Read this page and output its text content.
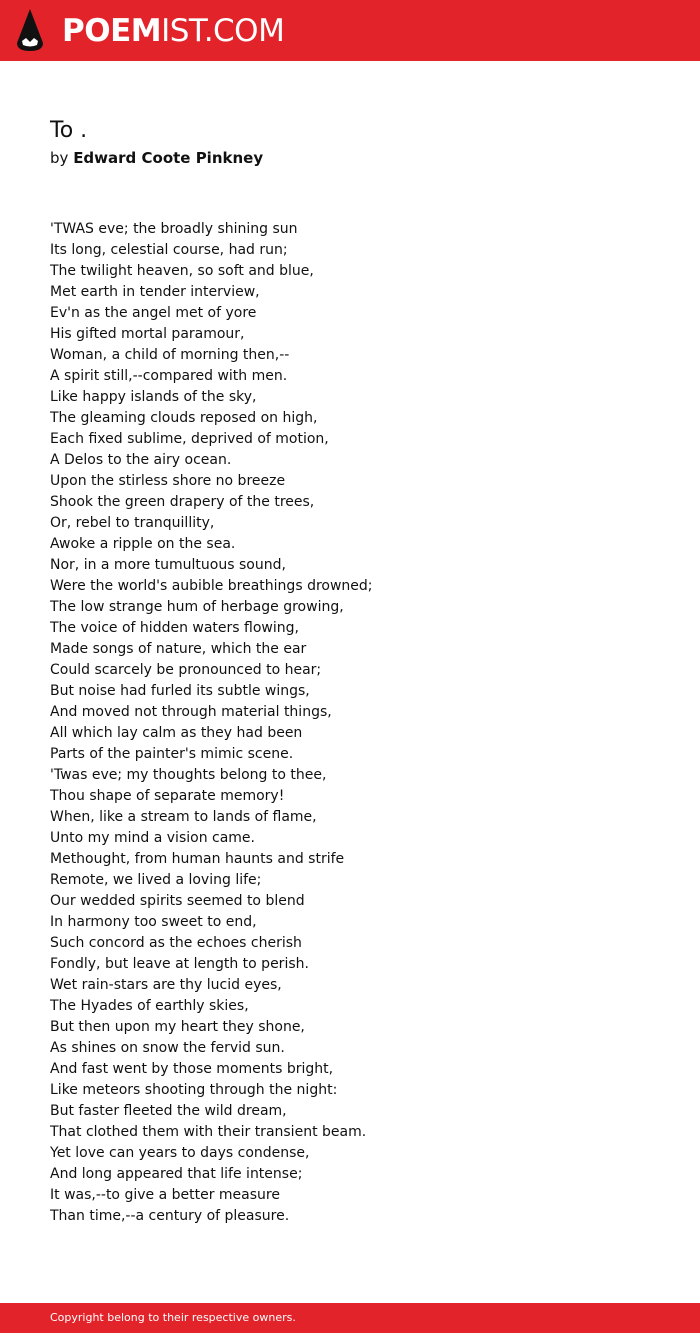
POEMIST.COM
To .

by Edward Coote Pinkney

'TWAS eve; the broadly shining sun
Its long, celestial course, had run;
The twilight heaven, so soft and blue,
Met earth in tender interview,
Ev'n as the angel met of yore
His gifted mortal paramour,
Woman, a child of morning then,--
A spirit still,--compared with men.
Like happy islands of the sky,
The gleaming clouds reposed on high,
Each fixed sublime, deprived of motion,
A Delos to the airy ocean.
Upon the stirless shore no breeze
Shook the green drapery of the trees,
Or, rebel to tranquillity,
Awoke a ripple on the sea.
Nor, in a more tumultuous sound,
Were the world's aubible breathings drowned;
The low strange hum of herbage growing,
The voice of hidden waters flowing,
Made songs of nature, which the ear
Could scarcely be pronounced to hear;
But noise had furled its subtle wings,
And moved not through material things,
All which lay calm as they had been
Parts of the painter's mimic scene.
'Twas eve; my thoughts belong to thee,
Thou shape of separate memory!
When, like a stream to lands of flame,
Unto my mind a vision came.
Methought, from human haunts and strife
Remote, we lived a loving life;
Our wedded spirits seemed to blend
In harmony too sweet to end,
Such concord as the echoes cherish
Fondly, but leave at length to perish.
Wet rain-stars are thy lucid eyes,
The Hyades of earthly skies,
But then upon my heart they shone,
As shines on snow the fervid sun.
And fast went by those moments bright,
Like meteors shooting through the night:
But faster fleeted the wild dream,
That clothed them with their transient beam.
Yet love can years to days condense,
And long appeared that life intense;
It was,--to give a better measure
Than time,--a century of pleasure.
Copyright belong to their respective owners.
